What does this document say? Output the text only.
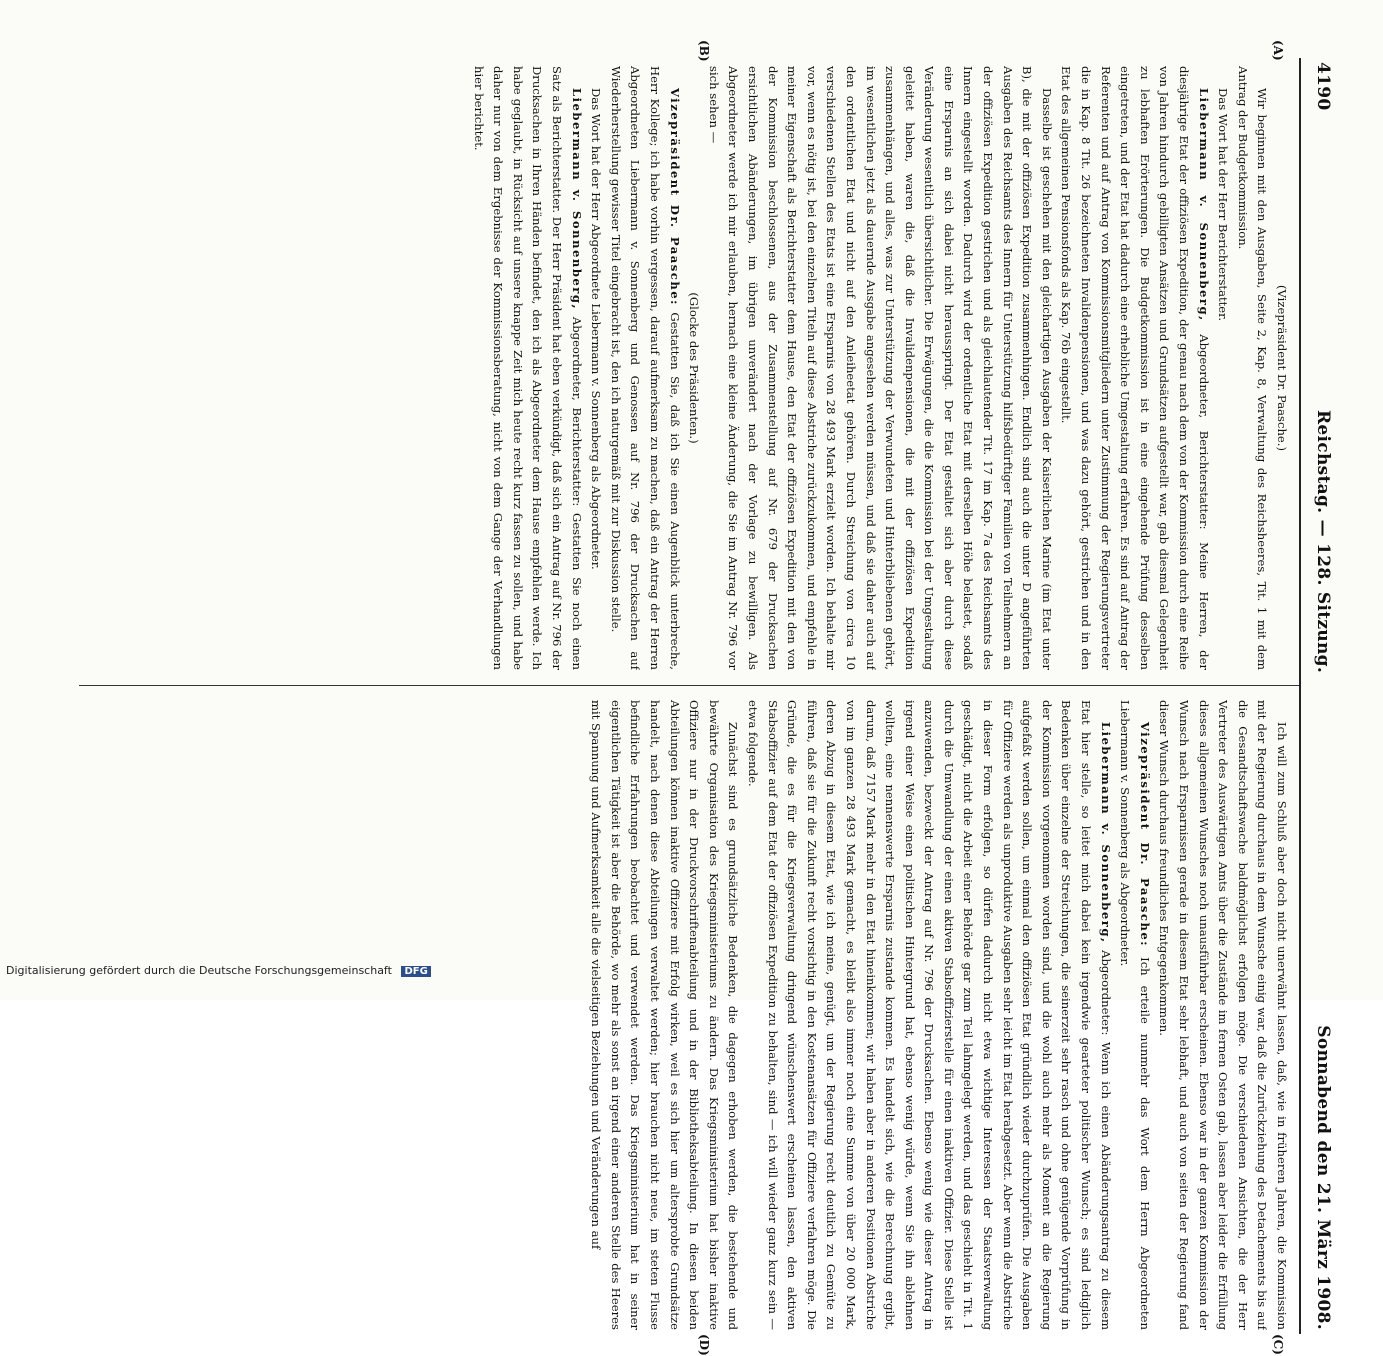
4190
Reichstag. — 128. Sitzung.
Sonnabend den 21. März 1908.
(A)
(B)
(C)
(D)

(Vizepräsident Dr. Paasche.)

Wir beginnen mit den Ausgaben, Seite 2, Kap. 8, Verwaltung des Reichsheeres, Tit. 1 mit dem Antrag der Budgetkommission.

Das Wort hat der Herr Berichterstatter.

Liebermann v. Sonnenberg, Abgeordneter, Berichterstatter: Meine Herren, der diesjährige Etat der offiziösen Expedition, der genau nach dem von der Kommission durch eine Reihe von Jahren hindurch gebilligten Ansätzen und Grundsätzen aufgestellt war, gab diesmal Gelegenheit zu lebhaften Erörterungen. Die Budgetkommission ist in eine eingehende Prüfung desselben eingetreten, und der Etat hat dadurch eine erhebliche Umgestaltung erfahren. Es sind auf Antrag der Referenten und auf Antrag von Kommissionsmitgliedern unter Zustimmung der Regierungsvertreter die in Kap. 8 Tit. 26 bezeichneten Invalidenpensionen, und was dazu gehört, gestrichen und in den Etat des allgemeinen Pensionsfonds als Kap. 76b eingestellt.

Dasselbe ist geschehen mit den gleichartigen Ausgaben der Kaiserlichen Marine (im Etat unter B), die mit der offiziösen Expedition zusammenhingen. Endlich sind auch die unter D angeführten Ausgaben des Reichsamts des Innern für Unterstützung hilfsbedürftiger Familien von Teilnehmern an der offiziösen Expedition gestrichen und als gleichlautender Tit. 17 im Kap. 7a des Reichsamts des Innern eingestellt worden. Dadurch wird der ordentliche Etat mit derselben Höhe belastet, sodaß eine Ersparnis an sich dabei nicht herausspringt. Der Etat gestaltet sich aber durch diese Veränderung wesentlich übersichtlicher. Die Erwägungen, die die Kommission bei der Umgestaltung geleitet haben, waren die, daß die Invalidenpensionen, die mit der offiziösen Expedition zusammenhängen, und alles, was zur Unterstützung der Verwundeten und Hinterbliebenen gehört, im wesentlichen jetzt als dauernde Ausgabe angesehen werden müssen, und daß sie daher auch auf den ordentlichen Etat und nicht auf den Anleiheetat gehören. Durch Streichung von circa 10 verschiedenen Stellen des Etats ist eine Ersparnis von 28 493 Mark erzielt worden. Ich behalte mir vor, wenn es nötig ist, bei den einzelnen Titeln auf diese Abstriche zurückzukommen, und empfehle in meiner Eigenschaft als Berichterstatter dem Hause, den Etat der offiziösen Expedition mit den von der Kommission beschlossenen, aus der Zusammenstellung auf Nr. 679 der Drucksachen ersichtlichen Abänderungen, im übrigen unverändert nach der Vorlage zu bewilligen. Als Abgeordneter werde ich mir erlauben, hernach eine kleine Änderung, die Sie im Antrag Nr. 796 vor sich sehen —

(Glocke des Präsidenten.)

Vizepräsident Dr. Paasche: Gestatten Sie, daß ich Sie einen Augenblick unterbreche, Herr Kollege; ich habe vorhin vergessen, darauf aufmerksam zu machen, daß ein Antrag der Herren Abgeordneten Liebermann v. Sonnenberg und Genossen auf Nr. 796 der Drucksachen auf Wiederherstellung gewisser Titel eingebracht ist, den ich naturgemäß mit zur Diskussion stelle.

Das Wort hat der Herr Abgeordnete Liebermann v. Sonnenberg als Abgeordneter.

Liebermann v. Sonnenberg, Abgeordneter, Berichterstatter: Gestatten Sie noch einen Satz als Berichterstatter. Der Herr Präsident hat eben verkündigt, daß sich ein Antrag auf Nr. 796 der Drucksachen in Ihren Händen befindet, den ich als Abgeordneter dem Hause empfehlen werde. Ich habe geglaubt, in Rücksicht auf unsere knappe Zeit mich heute recht kurz fassen zu sollen, und habe daher nur von dem Ergebnisse der Kommissionsberatung, nicht von dem Gange der Verhandlungen hier berichtet.

Ich will zum Schluß aber doch nicht unerwähnt lassen, daß, wie in früheren Jahren, die Kommission mit der Regierung durchaus in dem Wunsche einig war, daß die Zurückziehung des Detachements bis auf die Gesandtschaftswache baldmöglichst erfolgen möge. Die verschiedenen Ansichten, die der Herr Vertreter des Auswärtigen Amts über die Zustände im fernen Osten gab, lassen aber leider die Erfüllung dieses allgemeinen Wunsches noch unausführbar erscheinen. Ebenso war in der ganzen Kommission der Wunsch nach Ersparnissen gerade in diesem Etat sehr lebhaft, und auch von seiten der Regierung fand dieser Wunsch durchaus freundliches Entgegenkommen.

Vizepräsident Dr. Paasche: Ich erteile nunmehr das Wort dem Herrn Abgeordneten Liebermann v. Sonnenberg als Abgeordneter.

Liebermann v. Sonnenberg, Abgeordneter: Wenn ich einen Abänderungsantrag zu diesem Etat hier stelle, so leitet mich dabei kein irgendwie gearteter politischer Wunsch; es sind lediglich Bedenken über einzelne der Streichungen, die seinerzeit sehr rasch und ohne genügende Vorprüfung in der Kommission vorgenommen worden sind, und die wohl auch mehr als Moment an die Regierung aufgefaßt werden sollen, um einmal den offiziösen Etat gründlich wieder durchzuprüfen. Die Ausgaben für Offiziere werden als unproduktive Ausgaben sehr leicht im Etat herabgesetzt. Aber wenn die Abstriche in dieser Form erfolgen, so dürfen dadurch nicht etwa wichtige Interessen der Staatsverwaltung geschädigt, nicht die Arbeit einer Behörde gar zum Teil lahmgelegt werden, und das geschieht in Tit. 1 durch die Umwandlung der einen aktiven Stabsoffizierstelle für einen inaktiven Offizier. Diese Stelle ist anzuwenden, bezweckt der Antrag auf Nr. 796 der Drucksachen. Ebenso wenig wie dieser Antrag in irgend einer Weise einen politischen Hintergrund hat, ebenso wenig würde, wenn Sie ihn ablehnen wollten, eine nennenswerte Ersparnis zustande kommen. Es handelt sich, wie die Berechnung ergibt, darum, daß 7157 Mark mehr in den Etat hineinkommen; wir haben aber in anderen Positionen Abstriche von im ganzen 28 493 Mark gemacht, es bleibt also immer noch eine Summe von über 20 000 Mark, deren Abzug in diesem Etat, wie ich meine, genügt, um der Regierung recht deutlich zu Gemüte zu führen, daß sie für die Zukunft recht vorsichtig in den Kostenansätzen für Offiziere verfahren möge. Die Gründe, die es für die Kriegsverwaltung dringend wünschenswert erscheinen lassen, den aktiven Stabsoffizier auf dem Etat der offiziösen Expedition zu behalten, sind — ich will wieder ganz kurz sein — etwa folgende.

Zunächst sind es grundsätzliche Bedenken, die dagegen erhoben werden, die bestehende und bewährte Organisation des Kriegsministeriums zu ändern. Das Kriegsministerium hat bisher inaktive Offiziere nur in der Druckvorschriftenabteilung und in der Bibliotheksabteilung. In diesen beiden Abteilungen können inaktive Offiziere mit Erfolg wirken, weil es sich hier um altersprobte Grundsätze handelt, nach denen diese Abteilungen verwaltet werden; hier brauchen nicht neue, im steten Flusse befindliche Erfahrungen beobachtet und verwendet werden. Das Kriegsministerium hat in seiner eigentlichen Tätigkeit ist aber die Behörde, wo mehr als sonst an irgend einer anderen Stelle des Heeres mit Spannung und Aufmerksamkeit alle die vielseitigen Beziehungen und Veränderungen auf

Digitalisierung gefördert durch die Deutsche Forschungsgemeinschaft DFG
